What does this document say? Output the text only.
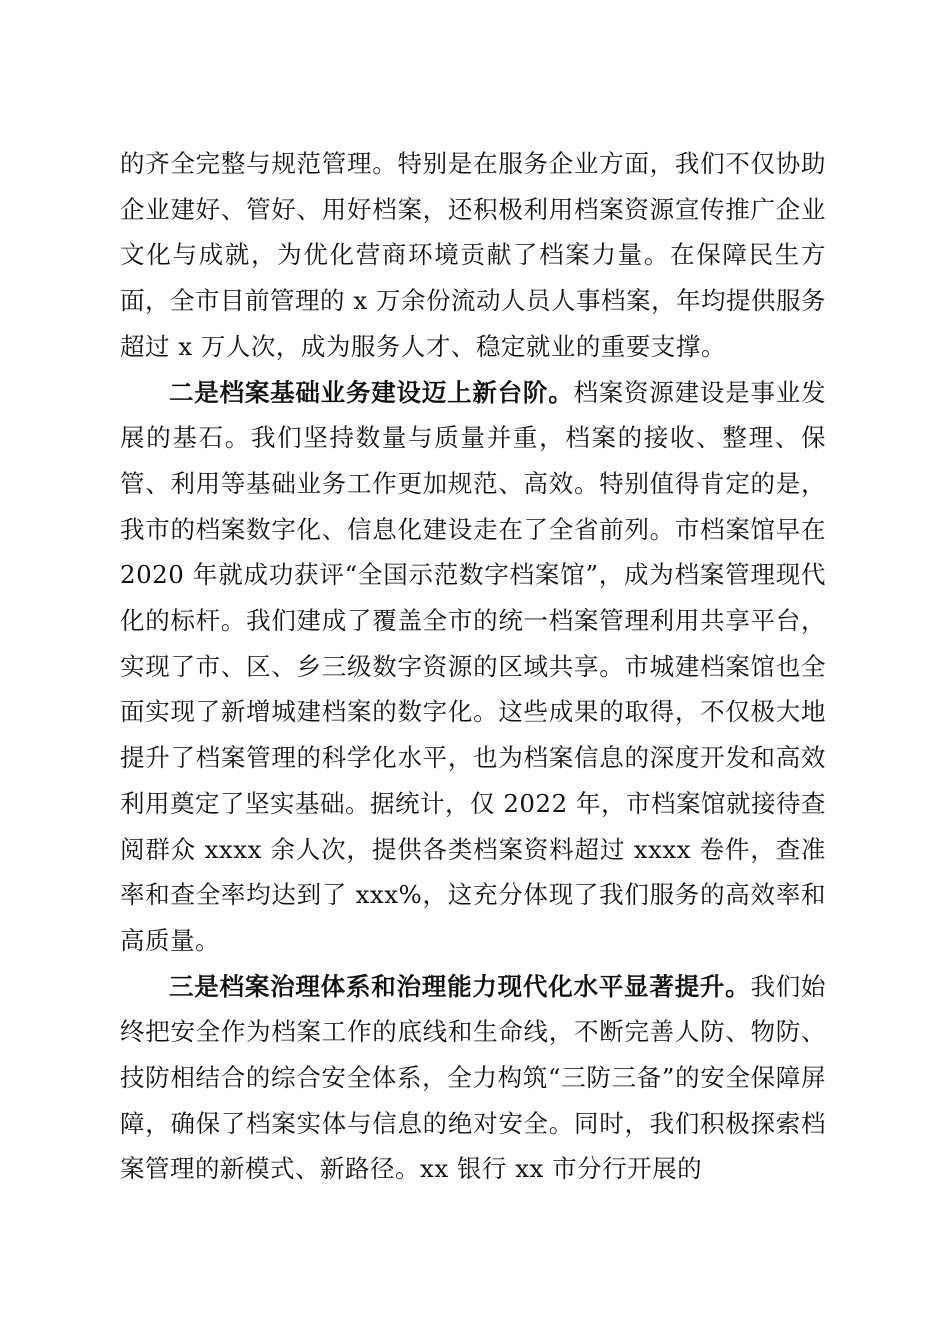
的齐全完整与规范管理。特别是在服务企业方面，我们不仅协助企业建好、管好、用好档案，还积极利用档案资源宣传推广企业文化与成就，为优化营商环境贡献了档案力量。在保障民生方面，全市目前管理的 x 万余份流动人员人事档案，年均提供服务超过 x 万人次，成为服务人才、稳定就业的重要支撑。

二是档案基础业务建设迈上新台阶。档案资源建设是事业发展的基石。我们坚持数量与质量并重，档案的接收、整理、保管、利用等基础业务工作更加规范、高效。特别值得肯定的是，我市的档案数字化、信息化建设走在了全省前列。市档案馆早在 2020 年就成功获评“全国示范数字档案馆”，成为档案管理现代化的标杆。我们建成了覆盖全市的统一档案管理利用共享平台，实现了市、区、乡三级数字资源的区域共享。市城建档案馆也全面实现了新增城建档案的数字化。这些成果的取得，不仅极大地提升了档案管理的科学化水平，也为档案信息的深度开发和高效利用奠定了坚实基础。据统计，仅 2022 年，市档案馆就接待查阅群众 xxxx 余人次，提供各类档案资料超过 xxxx 卷件，查准率和查全率均达到了 xxx%，这充分体现了我们服务的高效率和高质量。

三是档案治理体系和治理能力现代化水平显著提升。我们始终把安全作为档案工作的底线和生命线，不断完善人防、物防、技防相结合的综合安全体系，全力构筑“三防三备”的安全保障屏障，确保了档案实体与信息的绝对安全。同时，我们积极探索档案管理的新模式、新路径。xx 银行 xx 市分行开展的
